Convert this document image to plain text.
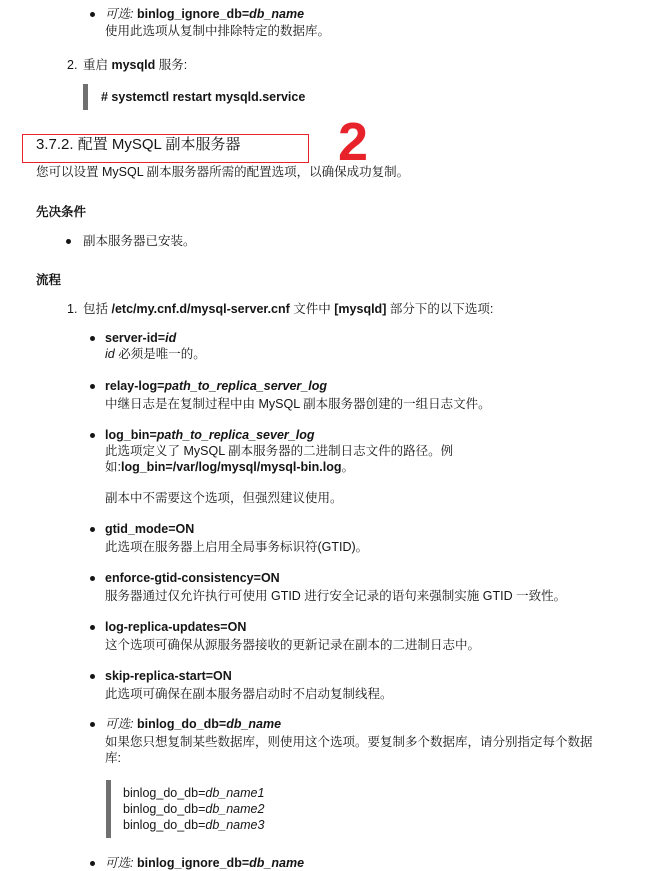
可选: binlog_ignore_db=db_name
使用此选项从复制中排除特定的数据库。
2. 重启 mysqld 服务:
# systemctl restart mysqld.service
3.7.2. 配置 MySQL 副本服务器 2
您可以设置 MySQL 副本服务器所需的配置选项，以确保成功复制。
先决条件
副本服务器已安装。
流程
1. 包括 /etc/my.cnf.d/mysql-server.cnf 文件中 [mysqld] 部分下的以下选项:
server-id=id
id 必须是唯一的。
relay-log=path_to_replica_server_log
中继日志是在复制过程中由 MySQL 副本服务器创建的一组日志文件。
log_bin=path_to_replica_sever_log
此选项定义了 MySQL 副本服务器的二进制日志文件的路径。例
如:log_bin=/var/log/mysql/mysql-bin.log。
副本中不需要这个选项，但强烈建议使用。
gtid_mode=ON
此选项在服务器上启用全局事务标识符(GTID)。
enforce-gtid-consistency=ON
服务器通过仅允许执行可使用 GTID 进行安全记录的语句来强制实施 GTID 一致性。
log-replica-updates=ON
这个选项可确保从源服务器接收的更新记录在副本的二进制日志中。
skip-replica-start=ON
此选项可确保在副本服务器启动时不启动复制线程。
可选: binlog_do_db=db_name
如果您只想复制某些数据库，则使用这个选项。要复制多个数据库，请分别指定每个数据
库:
binlog_do_db=db_name1
binlog_do_db=db_name2
binlog_do_db=db_name3
可选: binlog_ignore_db=db_name
